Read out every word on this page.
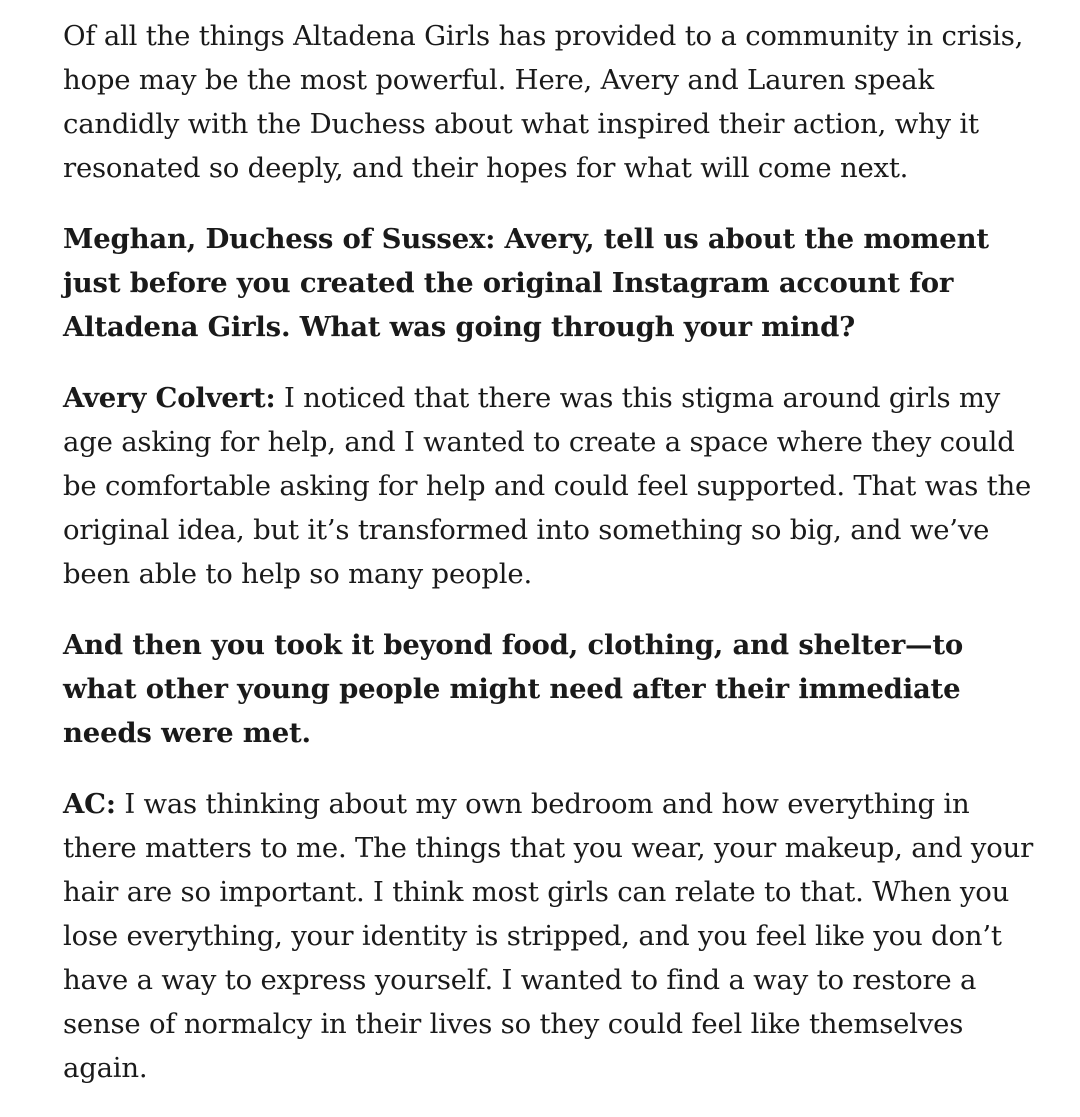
Of all the things Altadena Girls has provided to a community in crisis, hope may be the most powerful. Here, Avery and Lauren speak candidly with the Duchess about what inspired their action, why it resonated so deeply, and their hopes for what will come next.

Meghan, Duchess of Sussex: Avery, tell us about the moment just before you created the original Instagram account for Altadena Girls. What was going through your mind?

Avery Colvert: I noticed that there was this stigma around girls my age asking for help, and I wanted to create a space where they could be comfortable asking for help and could feel supported. That was the original idea, but it’s transformed into something so big, and we’ve been able to help so many people.

And then you took it beyond food, clothing, and shelter—to what other young people might need after their immediate needs were met.

AC: I was thinking about my own bedroom and how everything in there matters to me. The things that you wear, your makeup, and your hair are so important. I think most girls can relate to that. When you lose everything, your identity is stripped, and you feel like you don’t have a way to express yourself. I wanted to find a way to restore a sense of normalcy in their lives so they could feel like themselves again.
